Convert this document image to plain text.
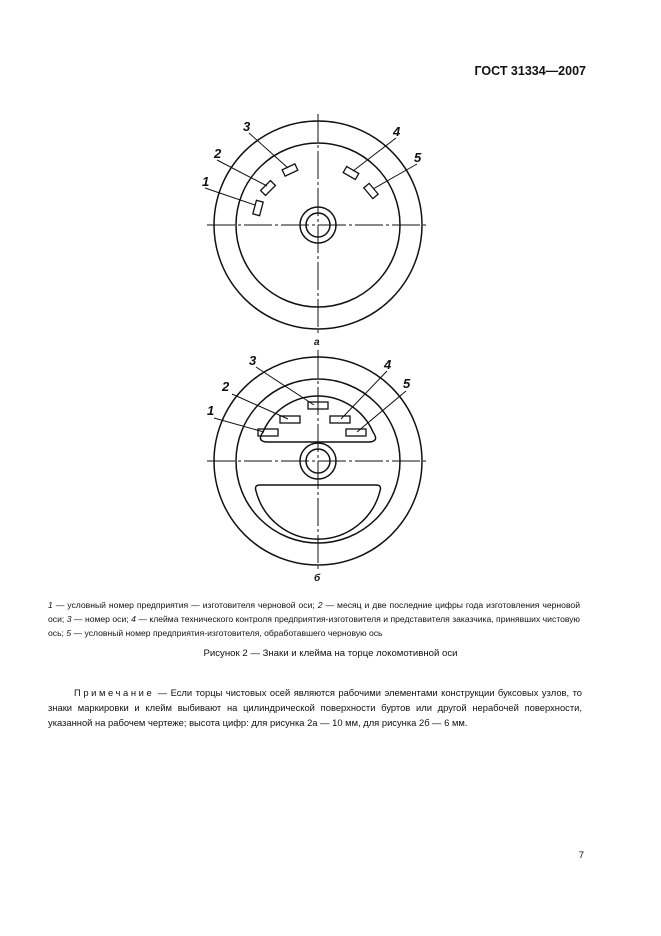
ГОСТ 31334—2007
1
2
3	4
5
а
1
2
3	4
5
б
1 — условный номер предприятия — изготовителя черновой оси; 2 — месяц и две последние цифры года изготовления черновой оси; 3 — номер оси; 4 — клейма технического контроля предприятия-изготовителя и представителя заказчика, принявших чистовую ось; 5 — условный номер предприятия-изготовителя, обработавшего черновую ось
Рисунок 2 — Знаки и клейма на торце локомотивной оси
Примечание — Если торцы чистовых осей являются рабочими элементами конструкции буксовых узлов, то знаки маркировки и клейм выбивают на цилиндрической поверхности буртов или другой нерабочей поверхности, указанной на рабочем чертеже; высота цифр: для рисунка 2а — 10 мм, для рисунка 2б — 6 мм.
7
